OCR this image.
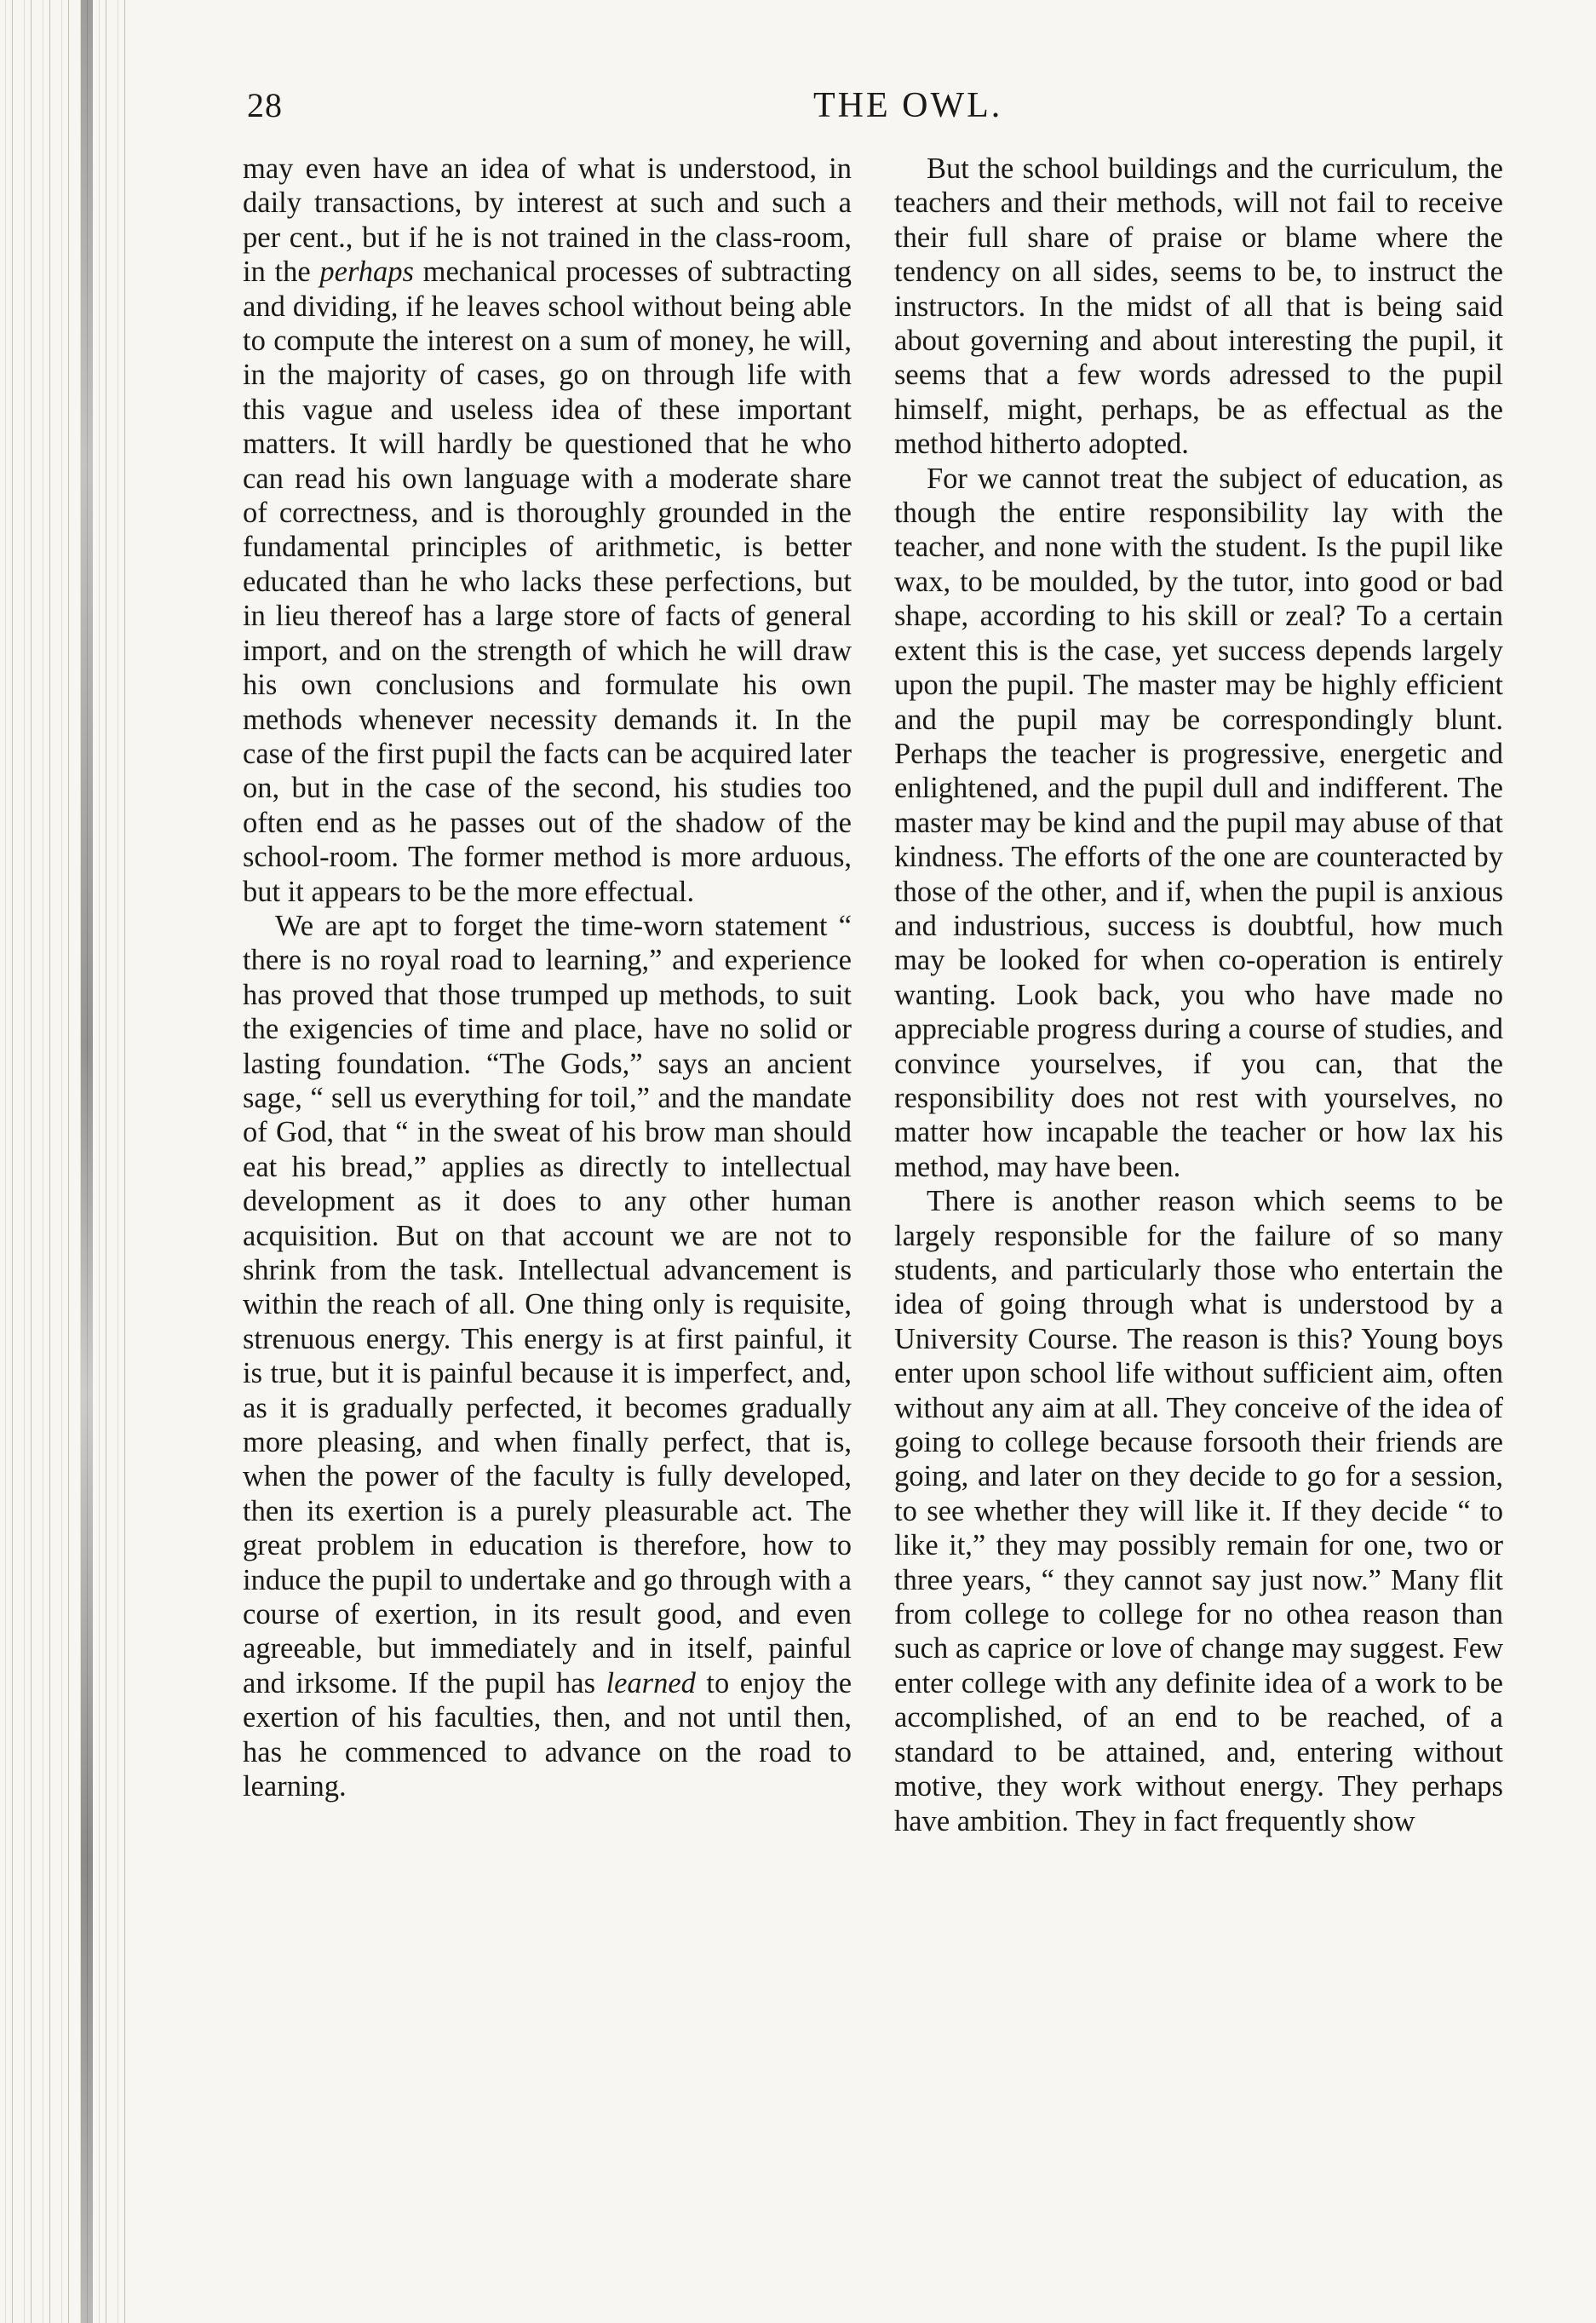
28	THE OWL.

may even have an idea of what is understood, in daily transactions, by interest at such and such a per cent., but if he is not trained in the class-room, in the perhaps mechanical processes of subtracting and dividing, if he leaves school without being able to compute the interest on a sum of money, he will, in the majority of cases, go on through life with this vague and useless idea of these important matters. It will hardly be questioned that he who can read his own language with a moderate share of correctness, and is thoroughly grounded in the fundamental principles of arithmetic, is better educated than he who lacks these perfections, but in lieu thereof has a large store of facts of general import, and on the strength of which he will draw his own conclusions and formulate his own methods whenever necessity demands it. In the case of the first pupil the facts can be acquired later on, but in the case of the second, his studies too often end as he passes out of the shadow of the school-room. The former method is more arduous, but it appears to be the more effectual.

We are apt to forget the time-worn statement “ there is no royal road to learning,” and experience has proved that those trumped up methods, to suit the exigencies of time and place, have no solid or lasting foundation. “The Gods,” says an ancient sage, “ sell us everything for toil,” and the mandate of God, that “ in the sweat of his brow man should eat his bread,” applies as directly to intellectual development as it does to any other human acquisition. But on that account we are not to shrink from the task. Intellectual advancement is within the reach of all. One thing only is requisite, strenuous energy. This energy is at first painful, it is true, but it is painful because it is imperfect, and, as it is gradually perfected, it becomes gradually more pleasing, and when finally perfect, that is, when the power of the faculty is fully developed, then its exertion is a purely pleasurable act. The great problem in education is therefore, how to induce the pupil to undertake and go through with a course of exertion, in its result good, and even agreeable, but immediately and in itself, painful and irksome. If the pupil has learned to enjoy the exertion of his faculties, then, and not until then, has he commenced to advance on the road to learning.

But the school buildings and the curriculum, the teachers and their methods, will not fail to receive their full share of praise or blame where the tendency on all sides, seems to be, to instruct the instructors. In the midst of all that is being said about governing and about interesting the pupil, it seems that a few words adressed to the pupil himself, might, perhaps, be as effectual as the method hitherto adopted.

For we cannot treat the subject of education, as though the entire responsibility lay with the teacher, and none with the student. Is the pupil like wax, to be moulded, by the tutor, into good or bad shape, according to his skill or zeal? To a certain extent this is the case, yet success depends largely upon the pupil. The master may be highly efficient and the pupil may be correspondingly blunt. Perhaps the teacher is progressive, energetic and enlightened, and the pupil dull and indifferent. The master may be kind and the pupil may abuse of that kindness. The efforts of the one are counteracted by those of the other, and if, when the pupil is anxious and industrious, success is doubtful, how much may be looked for when co-operation is entirely wanting. Look back, you who have made no appreciable progress during a course of studies, and convince yourselves, if you can, that the responsibility does not rest with yourselves, no matter how incapable the teacher or how lax his method, may have been.

There is another reason which seems to be largely responsible for the failure of so many students, and particularly those who entertain the idea of going through what is understood by a University Course. The reason is this? Young boys enter upon school life without sufficient aim, often without any aim at all. They conceive of the idea of going to college because forsooth their friends are going, and later on they decide to go for a session, to see whether they will like it. If they decide “ to like it,” they may possibly remain for one, two or three years, “ they cannot say just now.” Many flit from college to college for no othea reason than such as caprice or love of change may suggest. Few enter college with any definite idea of a work to be accomplished, of an end to be reached, of a standard to be attained, and, entering without motive, they work without energy. They perhaps have ambition. They in fact frequently show
